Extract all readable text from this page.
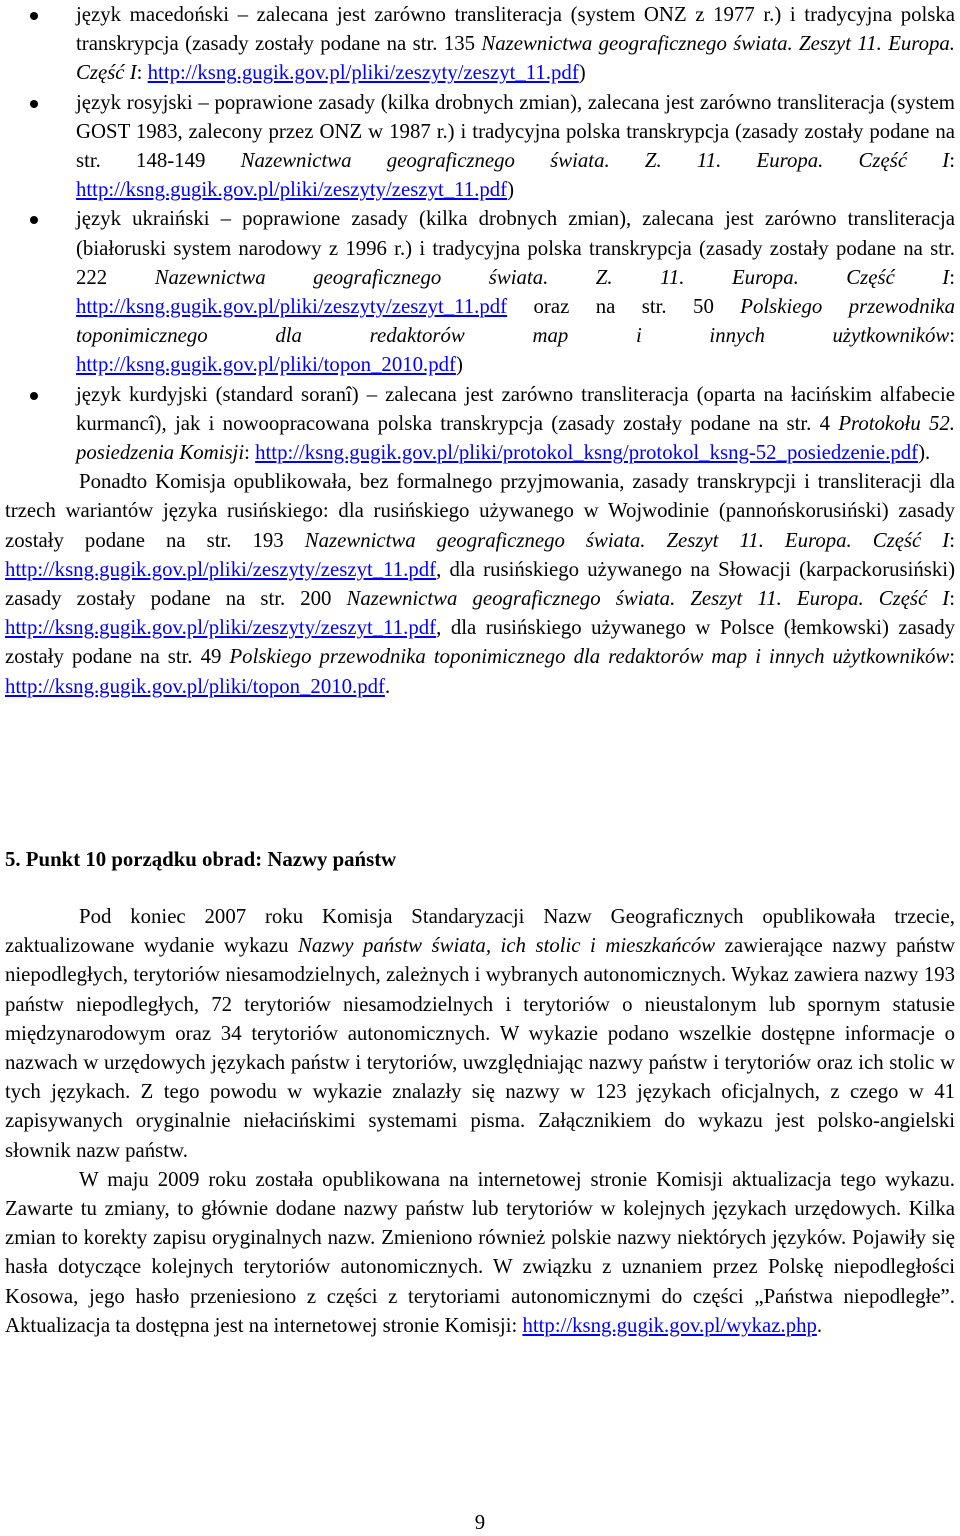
język macedoński – zalecana jest zarówno transliteracja (system ONZ z 1977 r.) i tradycyjna polska transkrypcja (zasady zostały podane na str. 135 Nazewnictwa geograficznego świata. Zeszyt 11. Europa. Część I: http://ksng.gugik.gov.pl/pliki/zeszyty/zeszyt_11.pdf)
język rosyjski – poprawione zasady (kilka drobnych zmian), zalecana jest zarówno transliteracja (system GOST 1983, zalecony przez ONZ w 1987 r.) i tradycyjna polska transkrypcja (zasady zostały podane na str. 148-149 Nazewnictwa geograficznego świata. Z. 11. Europa. Część I: http://ksng.gugik.gov.pl/pliki/zeszyty/zeszyt_11.pdf)
język ukraiński – poprawione zasady (kilka drobnych zmian), zalecana jest zarówno transliteracja (białoruski system narodowy z 1996 r.) i tradycyjna polska transkrypcja (zasady zostały podane na str. 222 Nazewnictwa geograficznego świata. Z. 11. Europa. Część I: http://ksng.gugik.gov.pl/pliki/zeszyty/zeszyt_11.pdf oraz na str. 50 Polskiego przewodnika toponimicznego dla redaktorów map i innych użytkowników: http://ksng.gugik.gov.pl/pliki/topon_2010.pdf)
język kurdyjski (standard soranî) – zalecana jest zarówno transliteracja (oparta na łacińskim alfabecie kurmancî), jak i nowoopracowana polska transkrypcja (zasady zostały podane na str. 4 Protokołu 52. posiedzenia Komisji: http://ksng.gugik.gov.pl/pliki/protokol_ksng/protokol_ksng-52_posiedzenie.pdf).

Ponadto Komisja opublikowała, bez formalnego przyjmowania, zasady transkrypcji i transliteracji dla trzech wariantów języka rusińskiego: dla rusińskiego używanego w Wojwodinie (pannońskorusiński) zasady zostały podane na str. 193 Nazewnictwa geograficznego świata. Zeszyt 11. Europa. Część I: http://ksng.gugik.gov.pl/pliki/zeszyty/zeszyt_11.pdf, dla rusińskiego używanego na Słowacji (karpackorusiński) zasady zostały podane na str. 200 Nazewnictwa geograficznego świata. Zeszyt 11. Europa. Część I: http://ksng.gugik.gov.pl/pliki/zeszyty/zeszyt_11.pdf, dla rusińskiego używanego w Polsce (łemkowski) zasady zostały podane na str. 49 Polskiego przewodnika toponimicznego dla redaktorów map i innych użytkowników: http://ksng.gugik.gov.pl/pliki/topon_2010.pdf.

5. Punkt 10 porządku obrad: Nazwy państw

Pod koniec 2007 roku Komisja Standaryzacji Nazw Geograficznych opublikowała trzecie, zaktualizowane wydanie wykazu Nazwy państw świata, ich stolic i mieszkańców zawierające nazwy państw niepodległych, terytoriów niesamodzielnych, zależnych i wybranych autonomicznych. Wykaz zawiera nazwy 193 państw niepodległych, 72 terytoriów niesamodzielnych i terytoriów o nieustalonym lub spornym statusie międzynarodowym oraz 34 terytoriów autonomicznych. W wykazie podano wszelkie dostępne informacje o nazwach w urzędowych językach państw i terytoriów, uwzględniając nazwy państw i terytoriów oraz ich stolic w tych językach. Z tego powodu w wykazie znalazły się nazwy w 123 językach oficjalnych, z czego w 41 zapisywanych oryginalnie niełacińskimi systemami pisma. Załącznikiem do wykazu jest polsko-angielski słownik nazw państw.

W maju 2009 roku została opublikowana na internetowej stronie Komisji aktualizacja tego wykazu. Zawarte tu zmiany, to głównie dodane nazwy państw lub terytoriów w kolejnych językach urzędowych. Kilka zmian to korekty zapisu oryginalnych nazw. Zmieniono również polskie nazwy niektórych języków. Pojawiły się hasła dotyczące kolejnych terytoriów autonomicznych. W związku z uznaniem przez Polskę niepodległości Kosowa, jego hasło przeniesiono z części z terytoriami autonomicznymi do części „Państwa niepodległe”. Aktualizacja ta dostępna jest na internetowej stronie Komisji: http://ksng.gugik.gov.pl/wykaz.php.

9
